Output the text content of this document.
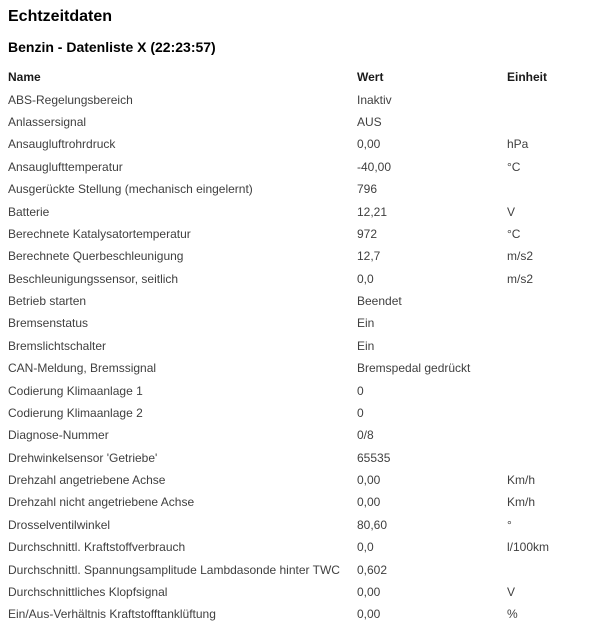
Echtzeitdaten
Benzin - Datenliste X (22:23:57)
Name	Wert	Einheit
ABS-Regelungsbereich	Inaktiv
Anlassersignal	AUS
Ansaugluftrohrdruck	0,00	hPa
Ansauglufttemperatur	-40,00	°C
Ausgerückte Stellung (mechanisch eingelernt)	796
Batterie	12,21	V
Berechnete Katalysatortemperatur	972	°C
Berechnete Querbeschleunigung	12,7	m/s2
Beschleunigungssensor, seitlich	0,0	m/s2
Betrieb starten	Beendet
Bremsenstatus	Ein
Bremslichtschalter	Ein
CAN-Meldung, Bremssignal	Bremspedal gedrückt
Codierung Klimaanlage 1	0
Codierung Klimaanlage 2	0
Diagnose-Nummer	0/8
Drehwinkelsensor 'Getriebe'	65535
Drehzahl angetriebene Achse	0,00	Km/h
Drehzahl nicht angetriebene Achse	0,00	Km/h
Drosselventilwinkel	80,60	°
Durchschnittl. Kraftstoffverbrauch	0,0	l/100km
Durchschnittl. Spannungsamplitude Lambdasonde hinter TWC	0,602
Durchschnittliches Klopfsignal	0,00	V
Ein/Aus-Verhältnis Kraftstofftanklüftung	0,00	%
